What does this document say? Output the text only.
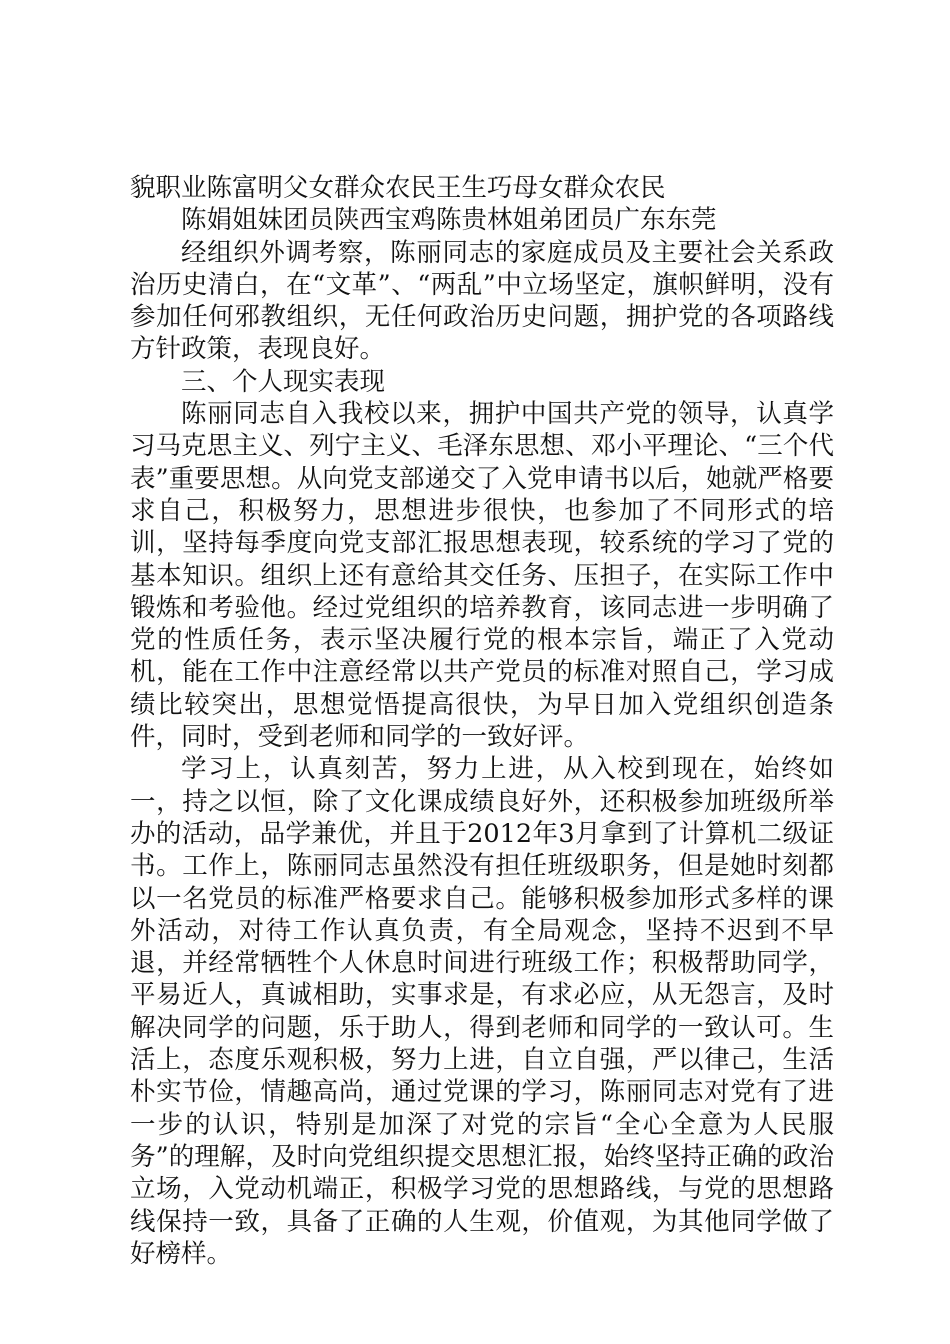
貌职业陈富明父女群众农民王生巧母女群众农民

陈娟姐妹团员陕西宝鸡陈贵林姐弟团员广东东莞

经组织外调考察，陈丽同志的家庭成员及主要社会关系政治历史清白，在“文革”、“两乱”中立场坚定，旗帜鲜明，没有参加任何邪教组织，无任何政治历史问题，拥护党的各项路线方针政策，表现良好。

三、个人现实表现

陈丽同志自入我校以来，拥护中国共产党的领导，认真学习马克思主义、列宁主义、毛泽东思想、邓小平理论、“三个代表”重要思想。从向党支部递交了入党申请书以后，她就严格要求自己，积极努力，思想进步很快，也参加了不同形式的培训，坚持每季度向党支部汇报思想表现，较系统的学习了党的基本知识。组织上还有意给其交任务、压担子，在实际工作中锻炼和考验他。经过党组织的培养教育，该同志进一步明确了党的性质任务，表示坚决履行党的根本宗旨，端正了入党动机，能在工作中注意经常以共产党员的标准对照自己，学习成绩比较突出，思想觉悟提高很快，为早日加入党组织创造条件，同时，受到老师和同学的一致好评。

学习上，认真刻苦，努力上进，从入校到现在，始终如一，持之以恒，除了文化课成绩良好外，还积极参加班级所举办的活动，品学兼优，并且于2012年3月拿到了计算机二级证书。工作上，陈丽同志虽然没有担任班级职务，但是她时刻都以一名党员的标准严格要求自己。能够积极参加形式多样的课外活动，对待工作认真负责，有全局观念，坚持不迟到不早退，并经常牺牲个人休息时间进行班级工作；积极帮助同学，平易近人，真诚相助，实事求是，有求必应，从无怨言，及时解决同学的问题，乐于助人，得到老师和同学的一致认可。生活上，态度乐观积极，努力上进，自立自强，严以律己，生活朴实节俭，情趣高尚，通过党课的学习，陈丽同志对党有了进一步的认识，特别是加深了对党的宗旨“全心全意为人民服务”的理解，及时向党组织提交思想汇报，始终坚持正确的政治立场，入党动机端正，积极学习党的思想路线，与党的思想路线保持一致，具备了正确的人生观，价值观，为其他同学做了好榜样。
